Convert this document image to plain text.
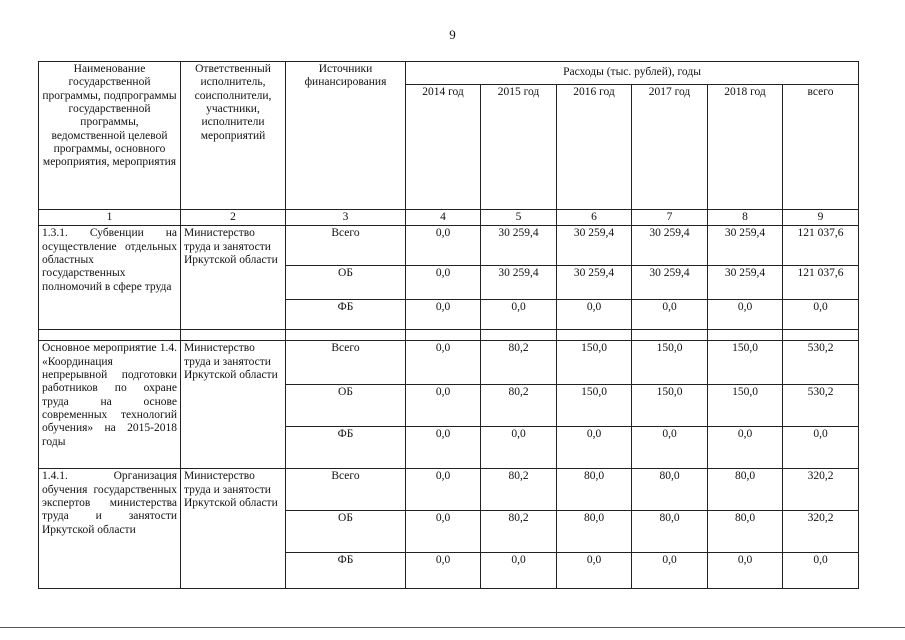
9
Наименование государственной программы, подпрограммы государственной программы, ведомственной целевой программы, основного мероприятия, мероприятия	Ответственный исполнитель, соисполнители, участники, исполнители мероприятий	Источники финансирования	Расходы (тыс. рублей), годы					
			2014 год	2015 год	2016 год	2017 год	2018 год	всего
1	2	3	4	5	6	7	8	9
1.3.1. Субвенции на осуществление отдельных областных государственных полномочий в сфере труда	Министерство труда и занятости Иркутской области	Всего	0,0	30 259,4	30 259,4	30 259,4	30 259,4	121 037,6
		ОБ	0,0	30 259,4	30 259,4	30 259,4	30 259,4	121 037,6
		ФБ	0,0	0,0	0,0	0,0	0,0	0,0

Основное мероприятие 1.4. «Координация непрерывной подготовки работников по охране труда на основе современных технологий обучения» на 2015-2018 годы	Министерство труда и занятости Иркутской области	Всего	0,0	80,2	150,0	150,0	150,0	530,2
		ОБ	0,0	80,2	150,0	150,0	150,0	530,2
		ФБ	0,0	0,0	0,0	0,0	0,0	0,0
1.4.1. Организация обучения государственных экспертов министерства труда и занятости Иркутской области	Министерство труда и занятости Иркутской области	Всего	0,0	80,2	80,0	80,0	80,0	320,2
		ОБ	0,0	80,2	80,0	80,0	80,0	320,2
		ФБ	0,0	0,0	0,0	0,0	0,0	0,0
